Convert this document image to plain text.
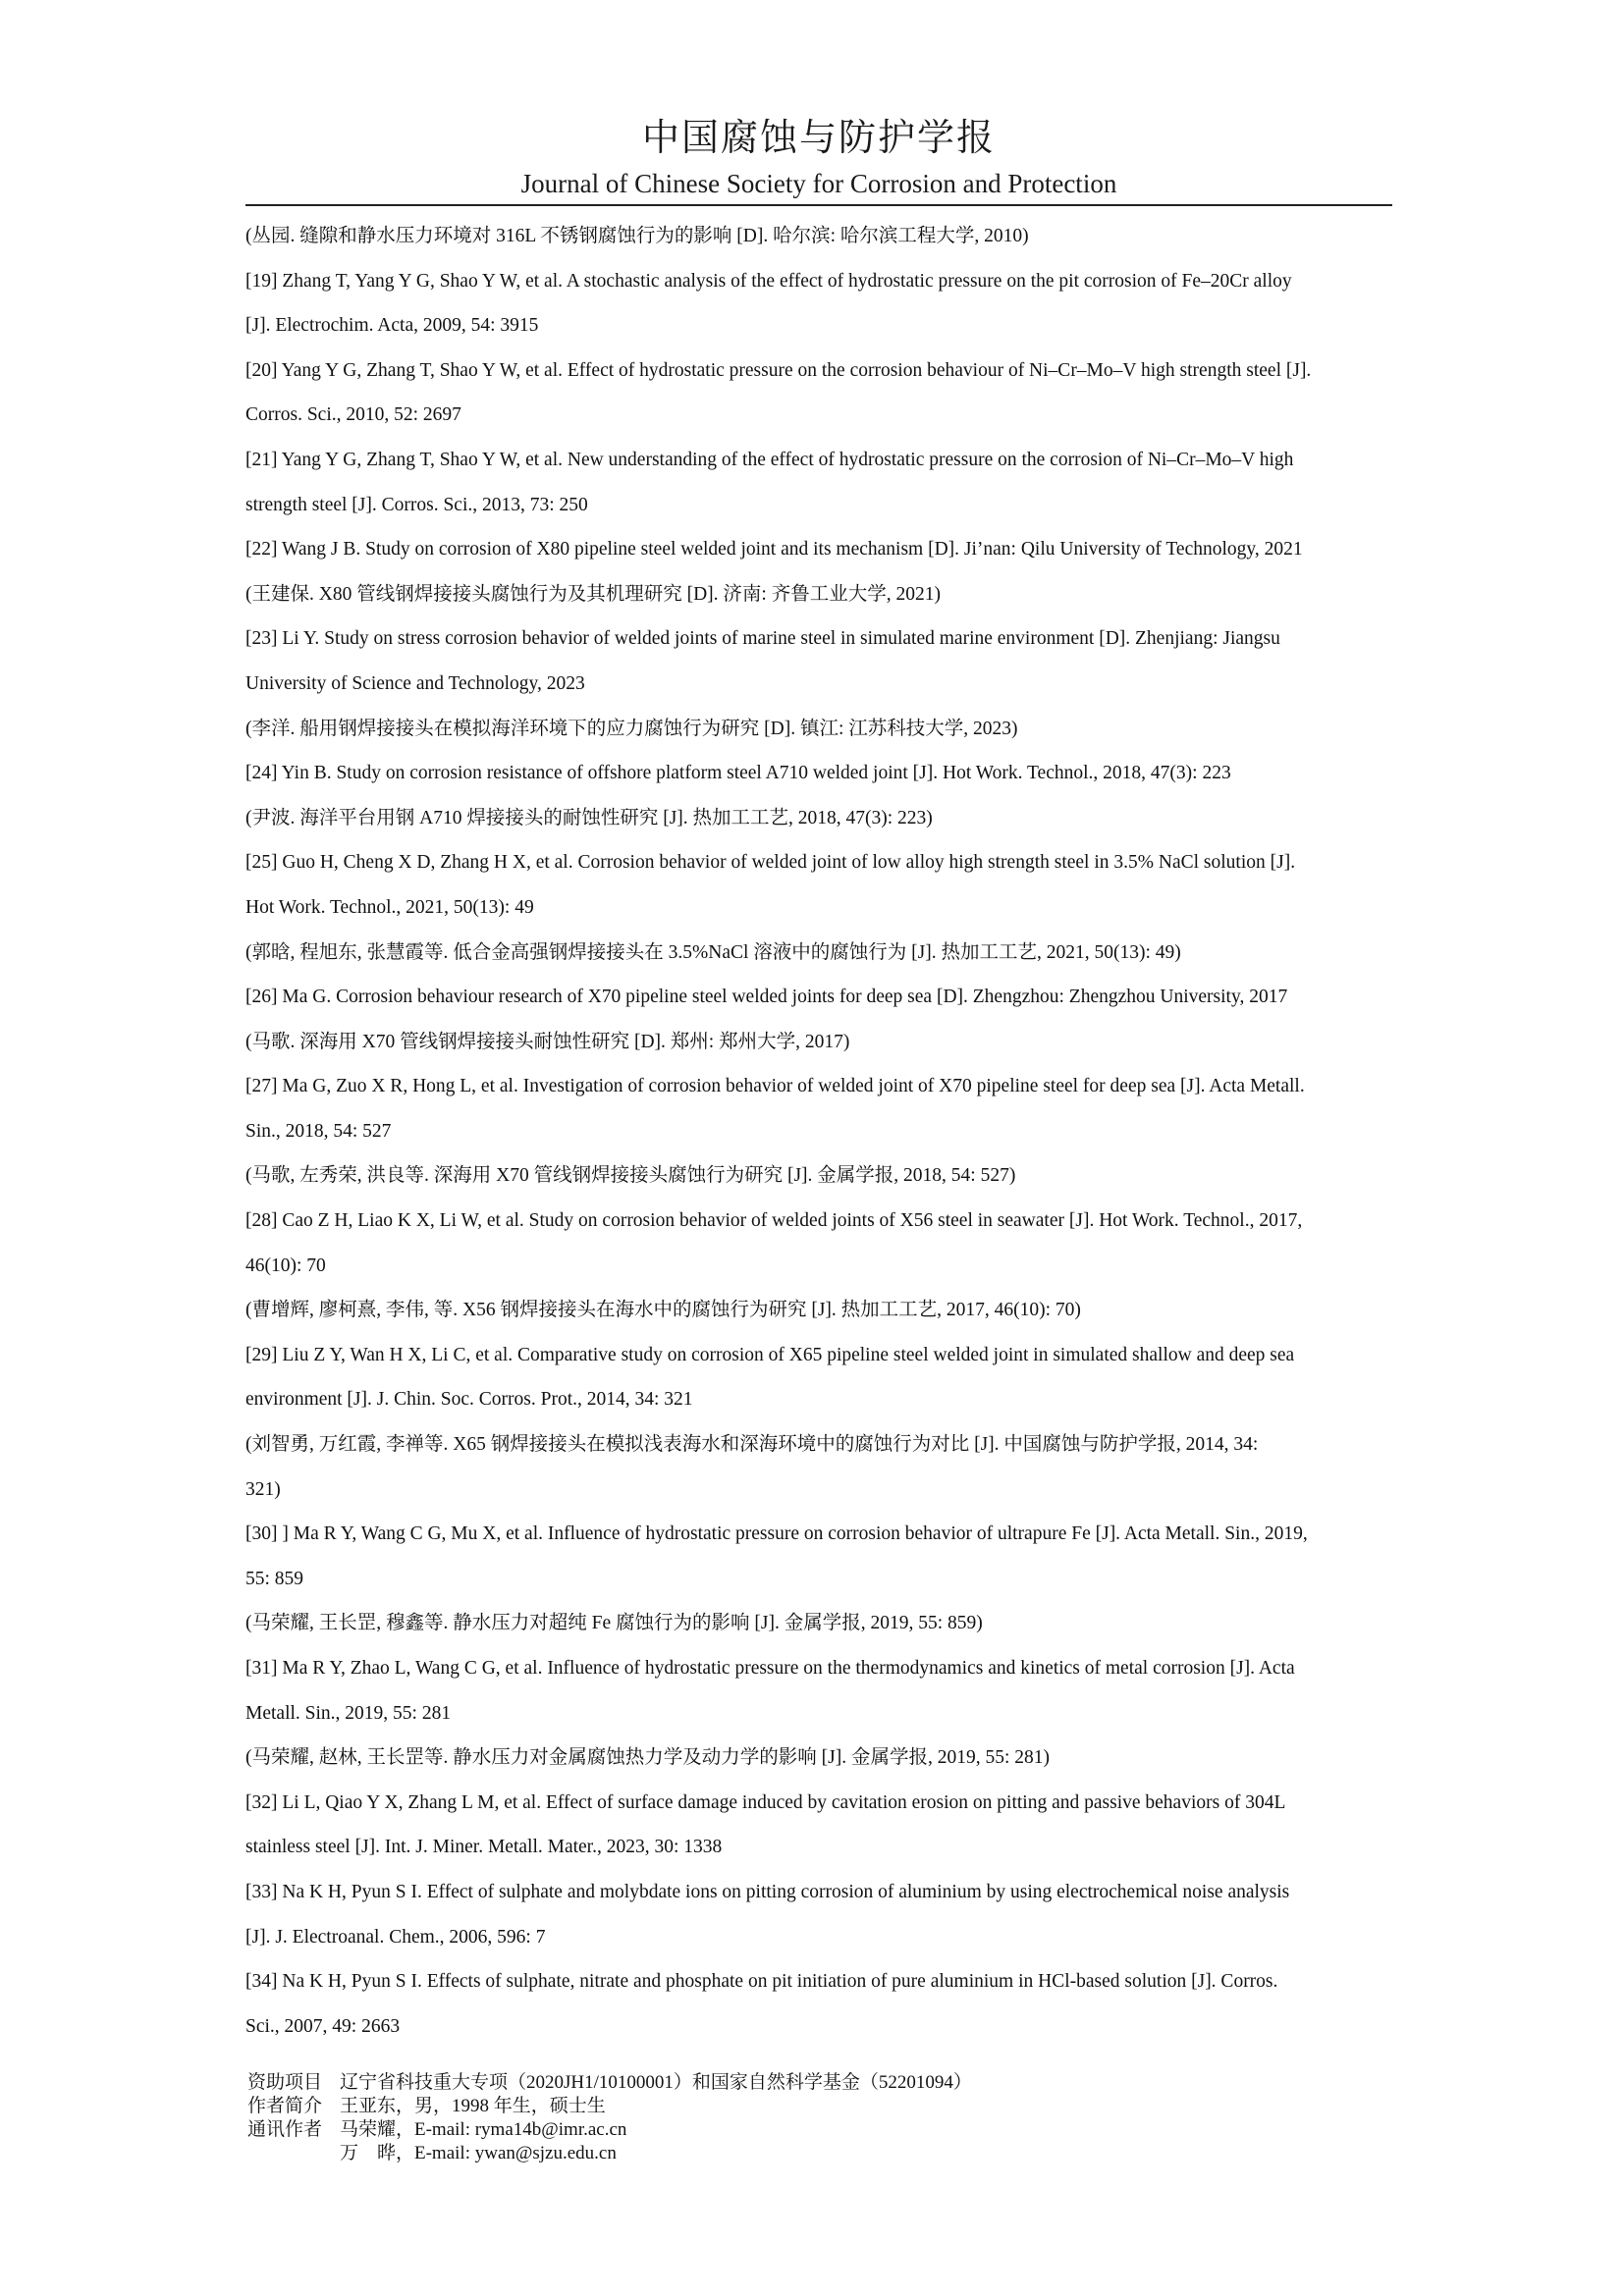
中国腐蚀与防护学报
Journal of Chinese Society for Corrosion and Protection
(丛园. 缝隙和静水压力环境对 316L 不锈钢腐蚀行为的影响 [D]. 哈尔滨: 哈尔滨工程大学, 2010)
[19] Zhang T, Yang Y G, Shao Y W, et al. A stochastic analysis of the effect of hydrostatic pressure on the pit corrosion of Fe–20Cr alloy
[J]. Electrochim. Acta, 2009, 54: 3915
[20] Yang Y G, Zhang T, Shao Y W, et al. Effect of hydrostatic pressure on the corrosion behaviour of Ni–Cr–Mo–V high strength steel [J].
Corros. Sci., 2010, 52: 2697
[21] Yang Y G, Zhang T, Shao Y W, et al. New understanding of the effect of hydrostatic pressure on the corrosion of Ni–Cr–Mo–V high
strength steel [J]. Corros. Sci., 2013, 73: 250
[22] Wang J B. Study on corrosion of X80 pipeline steel welded joint and its mechanism [D]. Ji’nan: Qilu University of Technology, 2021
(王建保. X80 管线钢焊接接头腐蚀行为及其机理研究 [D]. 济南: 齐鲁工业大学, 2021)
[23] Li Y. Study on stress corrosion behavior of welded joints of marine steel in simulated marine environment [D]. Zhenjiang: Jiangsu
University of Science and Technology, 2023
(李洋. 船用钢焊接接头在模拟海洋环境下的应力腐蚀行为研究 [D]. 镇江: 江苏科技大学, 2023)
[24] Yin B. Study on corrosion resistance of offshore platform steel A710 welded joint [J]. Hot Work. Technol., 2018, 47(3): 223
(尹波. 海洋平台用钢 A710 焊接接头的耐蚀性研究 [J]. 热加工工艺, 2018, 47(3): 223)
[25] Guo H, Cheng X D, Zhang H X, et al. Corrosion behavior of welded joint of low alloy high strength steel in 3.5% NaCl solution [J].
Hot Work. Technol., 2021, 50(13): 49
(郭晗, 程旭东, 张慧霞等. 低合金高强钢焊接接头在 3.5%NaCl 溶液中的腐蚀行为 [J]. 热加工工艺, 2021, 50(13): 49)
[26] Ma G. Corrosion behaviour research of X70 pipeline steel welded joints for deep sea [D]. Zhengzhou: Zhengzhou University, 2017
(马歌. 深海用 X70 管线钢焊接接头耐蚀性研究 [D]. 郑州: 郑州大学, 2017)
[27] Ma G, Zuo X R, Hong L, et al. Investigation of corrosion behavior of welded joint of X70 pipeline steel for deep sea [J]. Acta Metall.
Sin., 2018, 54: 527
(马歌, 左秀荣, 洪良等. 深海用 X70 管线钢焊接接头腐蚀行为研究 [J]. 金属学报, 2018, 54: 527)
[28] Cao Z H, Liao K X, Li W, et al. Study on corrosion behavior of welded joints of X56 steel in seawater [J]. Hot Work. Technol., 2017,
46(10): 70
(曹增辉, 廖柯熹, 李伟, 等. X56 钢焊接接头在海水中的腐蚀行为研究 [J]. 热加工工艺, 2017, 46(10): 70)
[29] Liu Z Y, Wan H X, Li C, et al. Comparative study on corrosion of X65 pipeline steel welded joint in simulated shallow and deep sea
environment [J]. J. Chin. Soc. Corros. Prot., 2014, 34: 321
(刘智勇, 万红霞, 李禅等. X65 钢焊接接头在模拟浅表海水和深海环境中的腐蚀行为对比 [J]. 中国腐蚀与防护学报, 2014, 34:
321)
[30] ] Ma R Y, Wang C G, Mu X, et al. Influence of hydrostatic pressure on corrosion behavior of ultrapure Fe [J]. Acta Metall. Sin., 2019,
55: 859
(马荣耀, 王长罡, 穆鑫等. 静水压力对超纯 Fe 腐蚀行为的影响 [J]. 金属学报, 2019, 55: 859)
[31] Ma R Y, Zhao L, Wang C G, et al. Influence of hydrostatic pressure on the thermodynamics and kinetics of metal corrosion [J]. Acta
Metall. Sin., 2019, 55: 281
(马荣耀, 赵林, 王长罡等. 静水压力对金属腐蚀热力学及动力学的影响 [J]. 金属学报, 2019, 55: 281)
[32] Li L, Qiao Y X, Zhang L M, et al. Effect of surface damage induced by cavitation erosion on pitting and passive behaviors of 304L
stainless steel [J]. Int. J. Miner. Metall. Mater., 2023, 30: 1338
[33] Na K H, Pyun S I. Effect of sulphate and molybdate ions on pitting corrosion of aluminium by using electrochemical noise analysis
[J]. J. Electroanal. Chem., 2006, 596: 7
[34] Na K H, Pyun S I. Effects of sulphate, nitrate and phosphate on pit initiation of pure aluminium in HCl-based solution [J]. Corros.
Sci., 2007, 49: 2663
资助项目 辽宁省科技重大专项（2020JH1/10100001）和国家自然科学基金（52201094）
作者简介 王亚东，男，1998 年生，硕士生
通讯作者 马荣耀，E-mail: ryma14b@imr.ac.cn
万　晔，E-mail: ywan@sjzu.edu.cn
